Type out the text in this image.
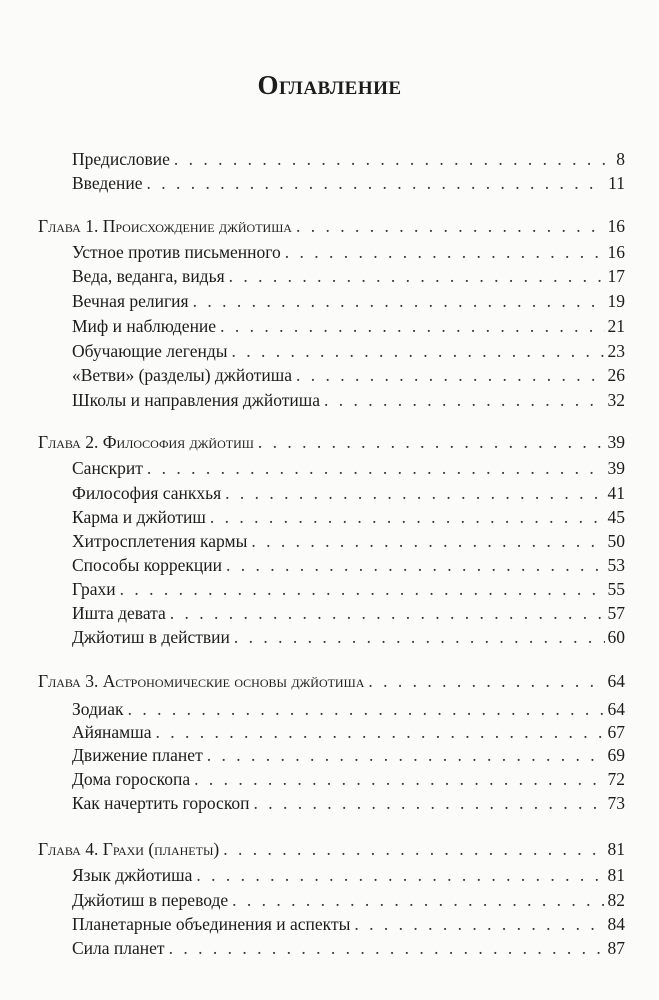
Оглавление
Предисловие . . .	8
Введение . . .	11
Глава 1. Происхождение джйотиша . . .	16
Устное против письменного . . .	16
Веда, веданга, видья . . .	17
Вечная религия . . .	19
Миф и наблюдение . . .	21
Обучающие легенды . . .	23
«Ветви» (разделы) джйотиша . . .	26
Школы и направления джйотиша . . .	32
Глава 2. Философия джйотиш . . .	39
Санскрит . . .	39
Философия санкхья . . .	41
Карма и джйотиш . . .	45
Хитросплетения кармы . . .	50
Способы коррекции . . .	53
Грахи . . .	55
Ишта девата . . .	57
Джйотиш в действии . . .	60
Глава 3. Астрономические основы джйотиша . . .	64
Зодиак . . .	64
Айянамша . . .	67
Движение планет . . .	69
Дома гороскопа . . .	72
Как начертить гороскоп . . .	73
Глава 4. Грахи (планеты) . . .	81
Язык джйотиша . . .	81
Джйотиш в переводе . . .	82
Планетарные объединения и аспекты . . .	84
Сила планет . . .	87
